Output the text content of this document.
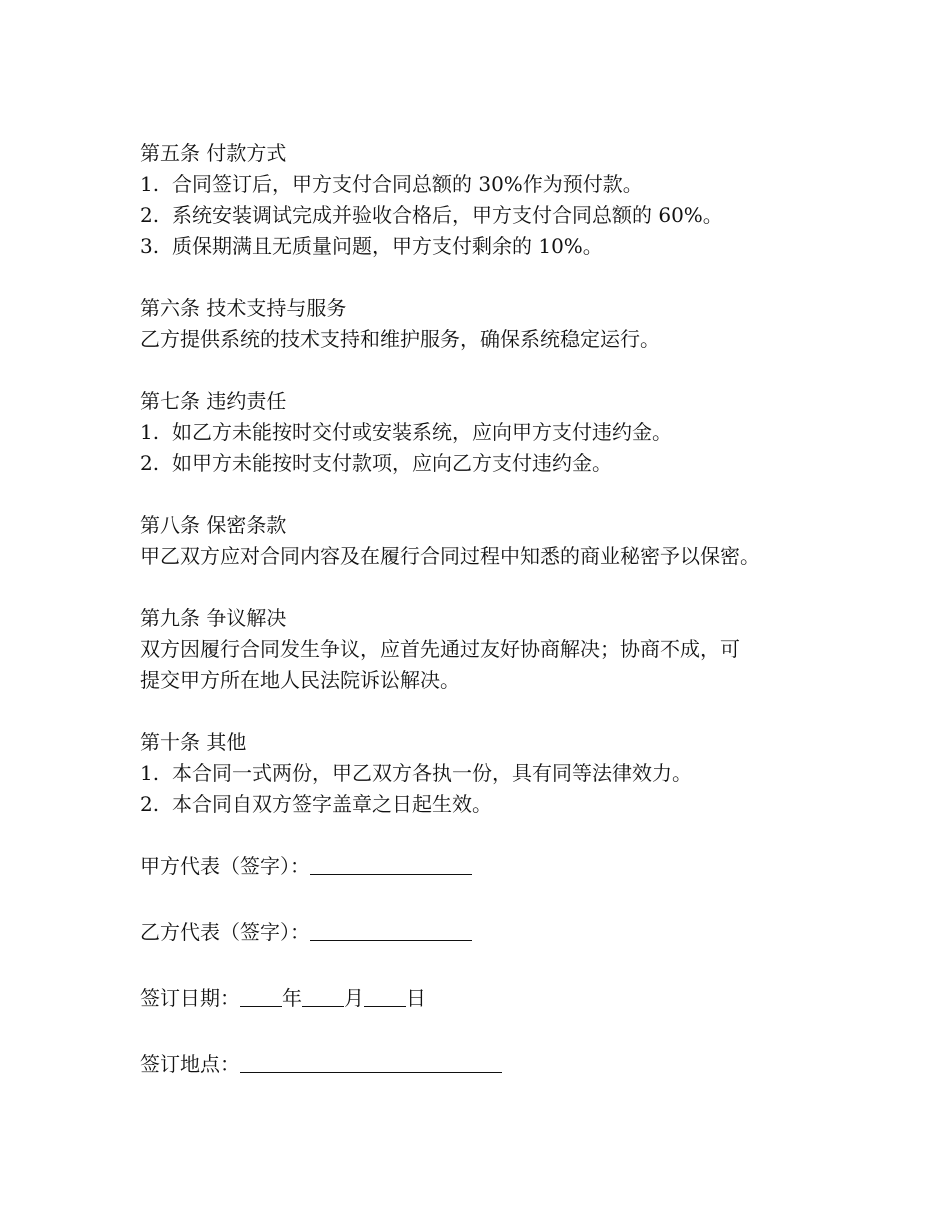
第五条 付款方式
1. 合同签订后，甲方支付合同总额的 30%作为预付款。
2. 系统安装调试完成并验收合格后，甲方支付合同总额的 60%。
3. 质保期满且无质量问题，甲方支付剩余的 10%。
第六条 技术支持与服务
乙方提供系统的技术支持和维护服务，确保系统稳定运行。
第七条 违约责任
1. 如乙方未能按时交付或安装系统，应向甲方支付违约金。
2. 如甲方未能按时支付款项，应向乙方支付违约金。
第八条 保密条款
甲乙双方应对合同内容及在履行合同过程中知悉的商业秘密予以保密。
第九条 争议解决
双方因履行合同发生争议，应首先通过友好协商解决；协商不成，可
提交甲方所在地人民法院诉讼解决。
第十条 其他
1. 本合同一式两份，甲乙双方各执一份，具有同等法律效力。
2. 本合同自双方签字盖章之日起生效。
甲方代表（签字）：
乙方代表（签字）：
签订日期： 年 月 日
签订地点：
